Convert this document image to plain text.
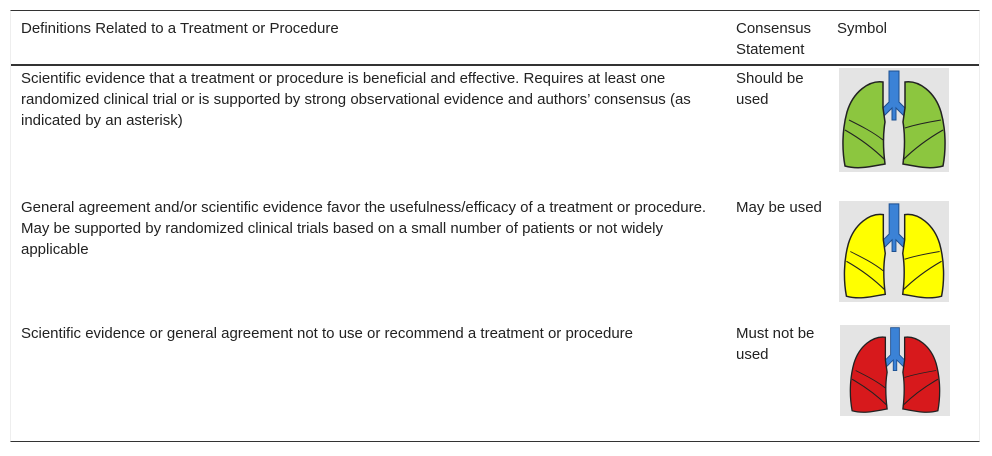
Definitions Related to a Treatment or Procedure	Consensus Statement
Symbol
Scientific evidence that a treatment or procedure is beneficial and effective. Requires at least one randomized clinical trial or is supported by strong observational evidence and authors’ consensus (as indicated by an asterisk)
Should be used
General agreement and/or scientific evidence favor the usefulness/efficacy of a treatment or procedure. May be supported by randomized clinical trials based on a small number of patients or not widely applicable
May be used
Scientific evidence or general agreement not to use or recommend a treatment or procedure	Must not be used
